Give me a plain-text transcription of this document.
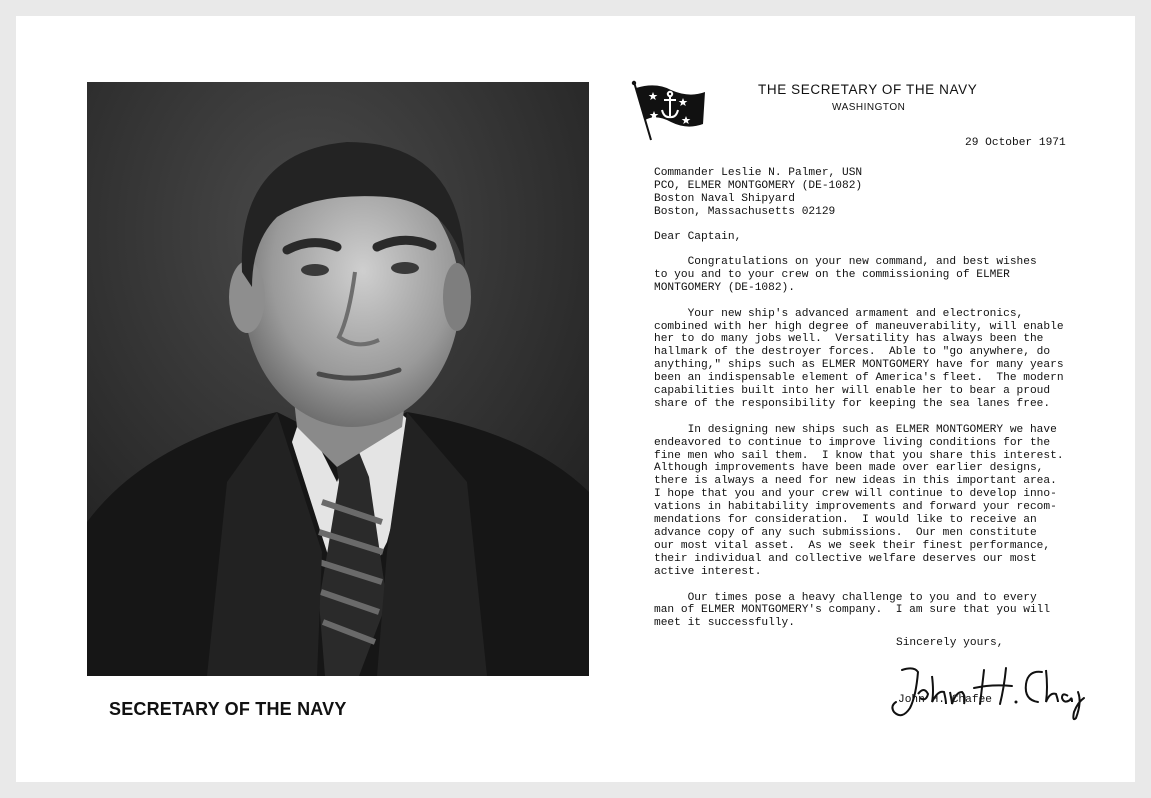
SECRETARY OF THE NAVY
THE SECRETARY OF THE NAVY
WASHINGTON
29 October 1971
Commander Leslie N. Palmer, USN
PCO, ELMER MONTGOMERY (DE-1082)
Boston Naval Shipyard
Boston, Massachusetts 02129
Dear Captain,
Congratulations on your new command, and best wishes
to you and to your crew on the commissioning of ELMER
MONTGOMERY (DE-1082).
Your new ship's advanced armament and electronics,
combined with her high degree of maneuverability, will enable
her to do many jobs well.  Versatility has always been the
hallmark of the destroyer forces.  Able to "go anywhere, do
anything," ships such as ELMER MONTGOMERY have for many years
been an indispensable element of America's fleet.  The modern
capabilities built into her will enable her to bear a proud
share of the responsibility for keeping the sea lanes free.
In designing new ships such as ELMER MONTGOMERY we have
endeavored to continue to improve living conditions for the
fine men who sail them.  I know that you share this interest.
Although improvements have been made over earlier designs,
there is always a need for new ideas in this important area.
I hope that you and your crew will continue to develop inno-
vations in habitability improvements and forward your recom-
mendations for consideration.  I would like to receive an
advance copy of any such submissions.  Our men constitute
our most vital asset.  As we seek their finest performance,
their individual and collective welfare deserves our most
active interest.
Our times pose a heavy challenge to you and to every
man of ELMER MONTGOMERY's company.  I am sure that you will
meet it successfully.
Sincerely yours,
John H. Chafee
